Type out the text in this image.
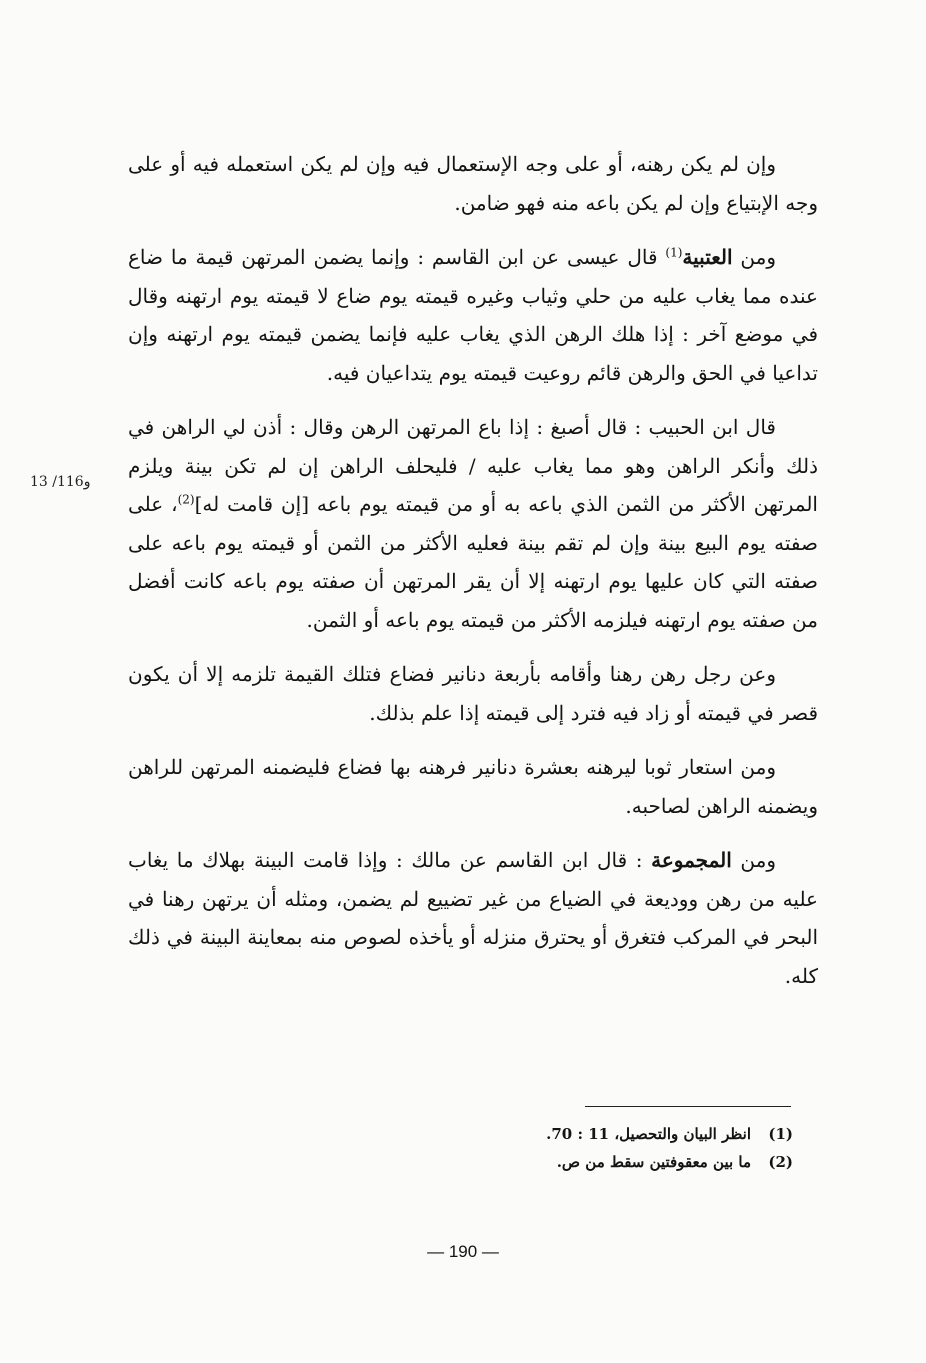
وإن لم يكن رهنه، أو على وجه الإستعمال فيه وإن لم يكن استعمله فيه أو على وجه الإبتياع وإن لم يكن باعه منه فهو ضامن.

ومن العتبية$^{(1)}$ قال عيسى عن ابن القاسم : وإنما يضمن المرتهن قيمة ما ضاع عنده مما يغاب عليه من حلي وثياب وغيره قيمته يوم ضاع لا قيمته يوم ارتهنه وقال في موضع آخر : إذا هلك الرهن الذي يغاب عليه فإنما يضمن قيمته يوم ارتهنه وإن تداعيا في الحق والرهن قائم روعيت قيمته يوم يتداعيان فيه.

قال ابن الحبيب : قال أصبغ : إذا باع المرتهن الرهن وقال : أذن لي الراهن في ذلك وأنكر الراهن وهو مما يغاب عليه / فليحلف الراهن إن لم تكن بينة ويلزم المرتهن الأكثر من الثمن الذي باعه به أو من قيمته يوم باعه [إن قامت له]$^{(2)}$، على صفته يوم البيع بينة وإن لم تقم بينة فعليه الأكثر من الثمن أو قيمته يوم باعه على صفته التي كان عليها يوم ارتهنه إلا أن يقر المرتهن أن صفته يوم باعه كانت أفضل من صفته يوم ارتهنه فيلزمه الأكثر من قيمته يوم باعه أو الثمن.

وعن رجل رهن رهنا وأقامه بأربعة دنانير فضاع فتلك القيمة تلزمه إلا أن يكون قصر في قيمته أو زاد فيه فترد إلى قيمته إذا علم بذلك.

ومن استعار ثوبا ليرهنه بعشرة دنانير فرهنه بها فضاع فليضمنه المرتهن للراهن ويضمنه الراهن لصاحبه.

ومن المجموعة : قال ابن القاسم عن مالك : وإذا قامت البينة بهلاك ما يغاب عليه من رهن ووديعة في الضياع من غير تضييع لم يضمن، ومثله أن يرتهن رهنا في البحر في المركب فتغرق أو يحترق منزله أو يأخذه لصوص منه بمعاينة البينة في ذلك كله.

13 /116و
(1)انظر البيان والتحصيل، 11 : 70.
(2)ما بين معقوفتين سقط من ص.
— 190 —
